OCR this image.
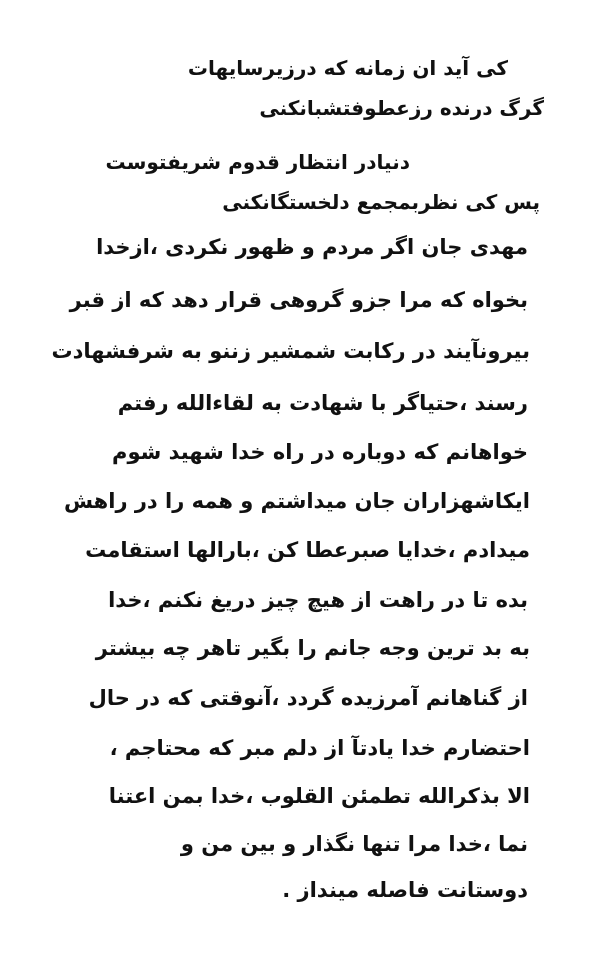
کی آید ان زمانه که درزیرسایهات
گرگ درنده رزعطوفتشبانکنی
دنیادر انتظار قدوم شریفتوست
پس کی نظربمجمع دلخستگانکنی
مهدی جان اگر مردم و ظهور نکردی ،ازخدا
بخواه که مرا جزو گروهی قرار دهد که از قبر
بیرونآیند در رکابت شمشیر زننو به شرفشهادت
رسند ،حتیاگر با شهادت به لقاءالله رفتم
خواهانم که دوباره در راه خدا شهید شوم
ایکاشهزاران جان میداشتم و همه را در راهش
میدادم ،خدایا صبرعطا کن ،بارالها استقامت
بده تا در راهت از هیچ چیز دریغ نکنم ،خدا
به بد ترین وجه جانم را بگیر تاهر چه بیشتر
از گناهانم آمرزیده گردد ،آنوقتی که در حال
احتضارم خدا یادتآ از دلم مبر که محتاجم ،
الا بذکرالله تطمئن القلوب ،خدا بمن اعتنا
نما ،خدا مرا تنها نگذار و بین من و
دوستانت فاصله مینداز .
